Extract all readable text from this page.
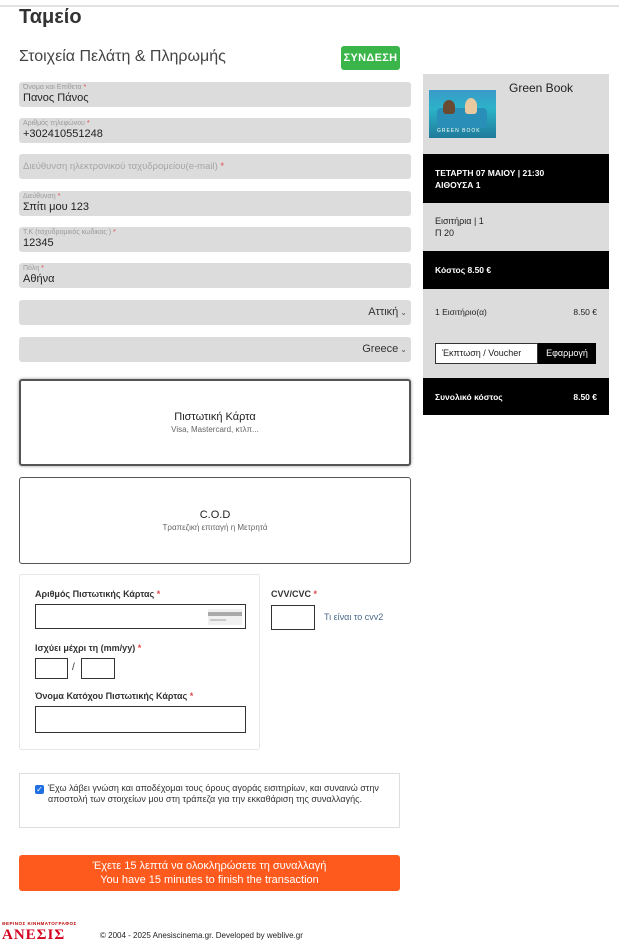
Ταμείο
Στοιχεία Πελάτη & Πληρωμής	ΣΥΝΔΕΣΗ
Όνομα και Επίθετα *
Πανος Πάνος
Αριθμός τηλεφώνου *
+302410551248
Διεύθυνση ηλεκτρονικού ταχυδρομείου(e-mail) *
Διεύθυνση *
Σπίτι μου 123
Τ.Κ (ταχυδρομικός κωδικας ) *
12345
Πόλη *
Αθήνα
Αττική ⌄
Greece ⌄
Πιστωτική Κάρτα
Visa, Mastercard, κτλπ...
C.O.D
Τραπεζική επιταγή η Μετρητά
Αριθμός Πιστωτικής Κάρτας *
Ισχύει μέχρι τη (mm/yy) *
/
Όνομα Κατόχου Πιστωτικής Κάρτας *
CVV/CVC *
Τι είναι το cvv2
✓ Έχω λάβει γνώση και αποδέχομαι τους όρους αγοράς εισιτηρίων, και συναινώ στην αποστολή των στοιχείων μου στη τράπεζα για την εκκαθάριση της συναλλαγής.
Έχετε 15 λεπτά να ολοκληρώσετε τη συναλλαγή
You have 15 minutes to finish the transaction
ΘΕΡΙΝΟΣ ΚΙΝΗΜΑΤΟΓΡΑΦΟΣ
ΑΝΕΣΙΣ	© 2004 - 2025 Anesiscinema.gr. Developed by weblive.gr
GREEN BOOK
Green Book
ΤΕΤΑΡΤΗ 07 ΜΑΙΟΥ | 21:30
ΑΙΘΟΥΣΑ 1
Εισιτήρια | 1
Π 20
Κόστος 8.50 €
1 Εισιτήριο(α)	8.50 €
Έκπτωση / Voucher	Εφαρμογή
Συνολικό κόστος	8.50 €
